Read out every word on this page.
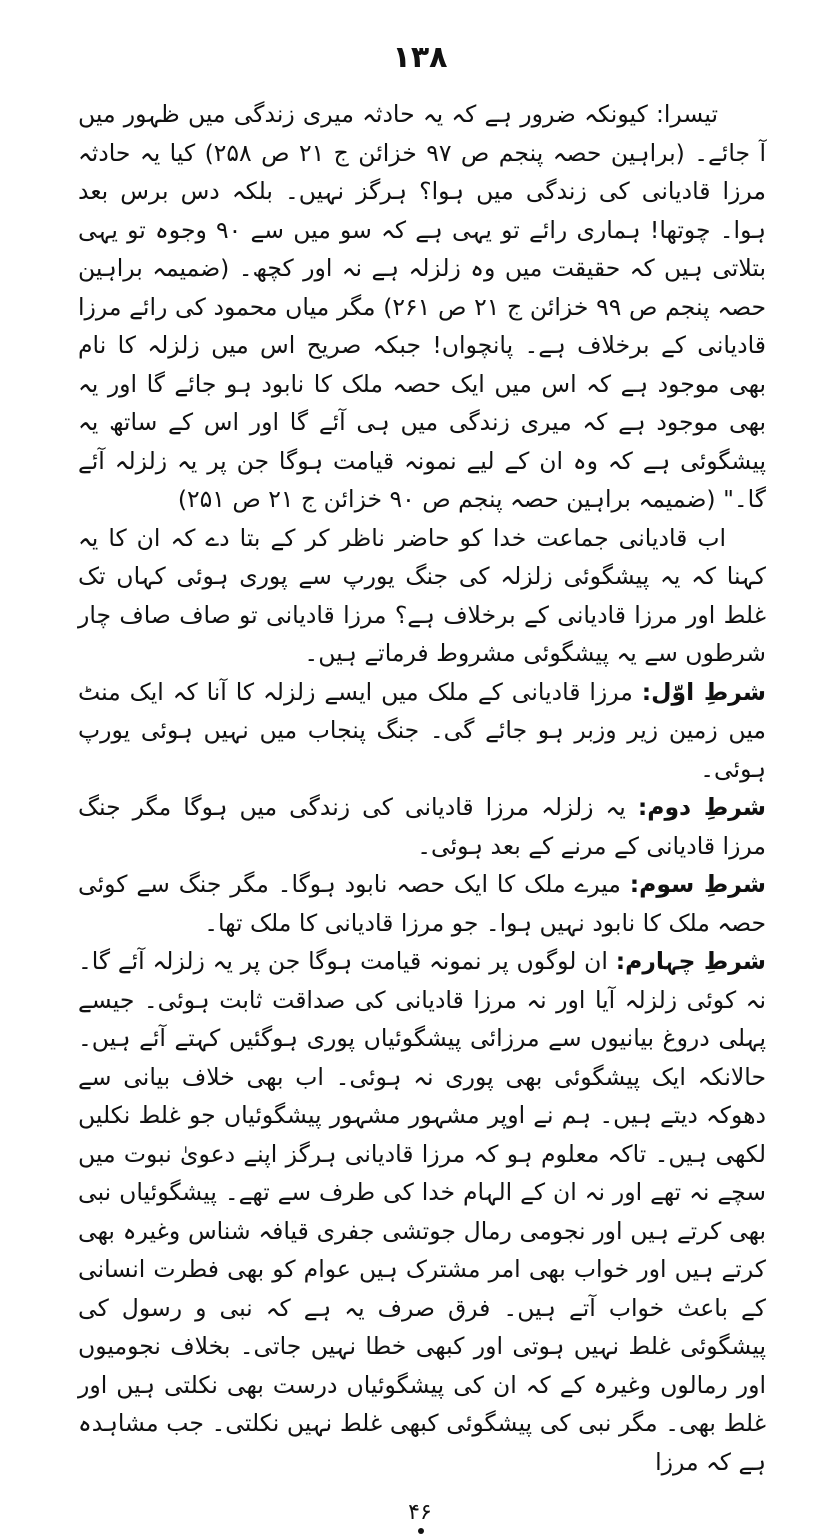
۱۳۸

تیسرا: کیونکہ ضرور ہے کہ یہ حادثہ میری زندگی میں ظہور میں آ جائے۔ (براہین حصہ پنجم ص ۹۷ خزائن ج ۲۱ ص ۲۵۸) کیا یہ حادثہ مرزا قادیانی کی زندگی میں ہوا؟ ہرگز نہیں۔ بلکہ دس برس بعد ہوا۔ چوتھا! ہماری رائے تو یہی ہے کہ سو میں سے ۹۰ وجوہ تو یہی بتلاتی ہیں کہ حقیقت میں وہ زلزلہ ہے نہ اور کچھ۔ (ضمیمہ براہین حصہ پنجم ص ۹۹ خزائن ج ۲۱ ص ۲۶۱) مگر میاں محمود کی رائے مرزا قادیانی کے برخلاف ہے۔ پانچواں! جبکہ صریح اس میں زلزلہ کا نام بھی موجود ہے کہ اس میں ایک حصہ ملک کا نابود ہو جائے گا اور یہ بھی موجود ہے کہ میری زندگی میں ہی آئے گا اور اس کے ساتھ یہ پیشگوئی ہے کہ وہ ان کے لیے نمونہ قیامت ہوگا جن پر یہ زلزلہ آئے گا۔" (ضمیمہ براہین حصہ پنجم ص ۹۰ خزائن ج ۲۱ ص ۲۵۱)

اب قادیانی جماعت خدا کو حاضر ناظر کر کے بتا دے کہ ان کا یہ کہنا کہ یہ پیشگوئی زلزلہ کی جنگ یورپ سے پوری ہوئی کہاں تک غلط اور مرزا قادیانی کے برخلاف ہے؟ مرزا قادیانی تو صاف صاف چار شرطوں سے یہ پیشگوئی مشروط فرماتے ہیں۔

شرطِ اوّل: مرزا قادیانی کے ملک میں ایسے زلزلہ کا آنا کہ ایک منٹ میں زمین زیر وزبر ہو جائے گی۔ جنگ پنجاب میں نہیں ہوئی یورپ ہوئی۔

شرطِ دوم: یہ زلزلہ مرزا قادیانی کی زندگی میں ہوگا مگر جنگ مرزا قادیانی کے مرنے کے بعد ہوئی۔

شرطِ سوم: میرے ملک کا ایک حصہ نابود ہوگا۔ مگر جنگ سے کوئی حصہ ملک کا نابود نہیں ہوا۔ جو مرزا قادیانی کا ملک تھا۔

شرطِ چہارم: ان لوگوں پر نمونہ قیامت ہوگا جن پر یہ زلزلہ آئے گا۔ نہ کوئی زلزلہ آیا اور نہ مرزا قادیانی کی صداقت ثابت ہوئی۔ جیسے پہلی دروغ بیانیوں سے مرزائی پیشگوئیاں پوری ہوگئیں کہتے آئے ہیں۔ حالانکہ ایک پیشگوئی بھی پوری نہ ہوئی۔ اب بھی خلاف بیانی سے دھوکہ دیتے ہیں۔ ہم نے اوپر مشہور مشہور پیشگوئیاں جو غلط نکلیں لکھی ہیں۔ تاکہ معلوم ہو کہ مرزا قادیانی ہرگز اپنے دعویٰ نبوت میں سچے نہ تھے اور نہ ان کے الہام خدا کی طرف سے تھے۔ پیشگوئیاں نبی بھی کرتے ہیں اور نجومی رمال جوتشی جفری قیافہ شناس وغیرہ بھی کرتے ہیں اور خواب بھی امر مشترک ہیں عوام کو بھی فطرت انسانی کے باعث خواب آتے ہیں۔ فرق صرف یہ ہے کہ نبی و رسول کی پیشگوئی غلط نہیں ہوتی اور کبھی خطا نہیں جاتی۔ بخلاف نجومیوں اور رمالوں وغیرہ کے کہ ان کی پیشگوئیاں درست بھی نکلتی ہیں اور غلط بھی۔ مگر نبی کی پیشگوئی کبھی غلط نہیں نکلتی۔ جب مشاہدہ ہے کہ مرزا

۴۶
